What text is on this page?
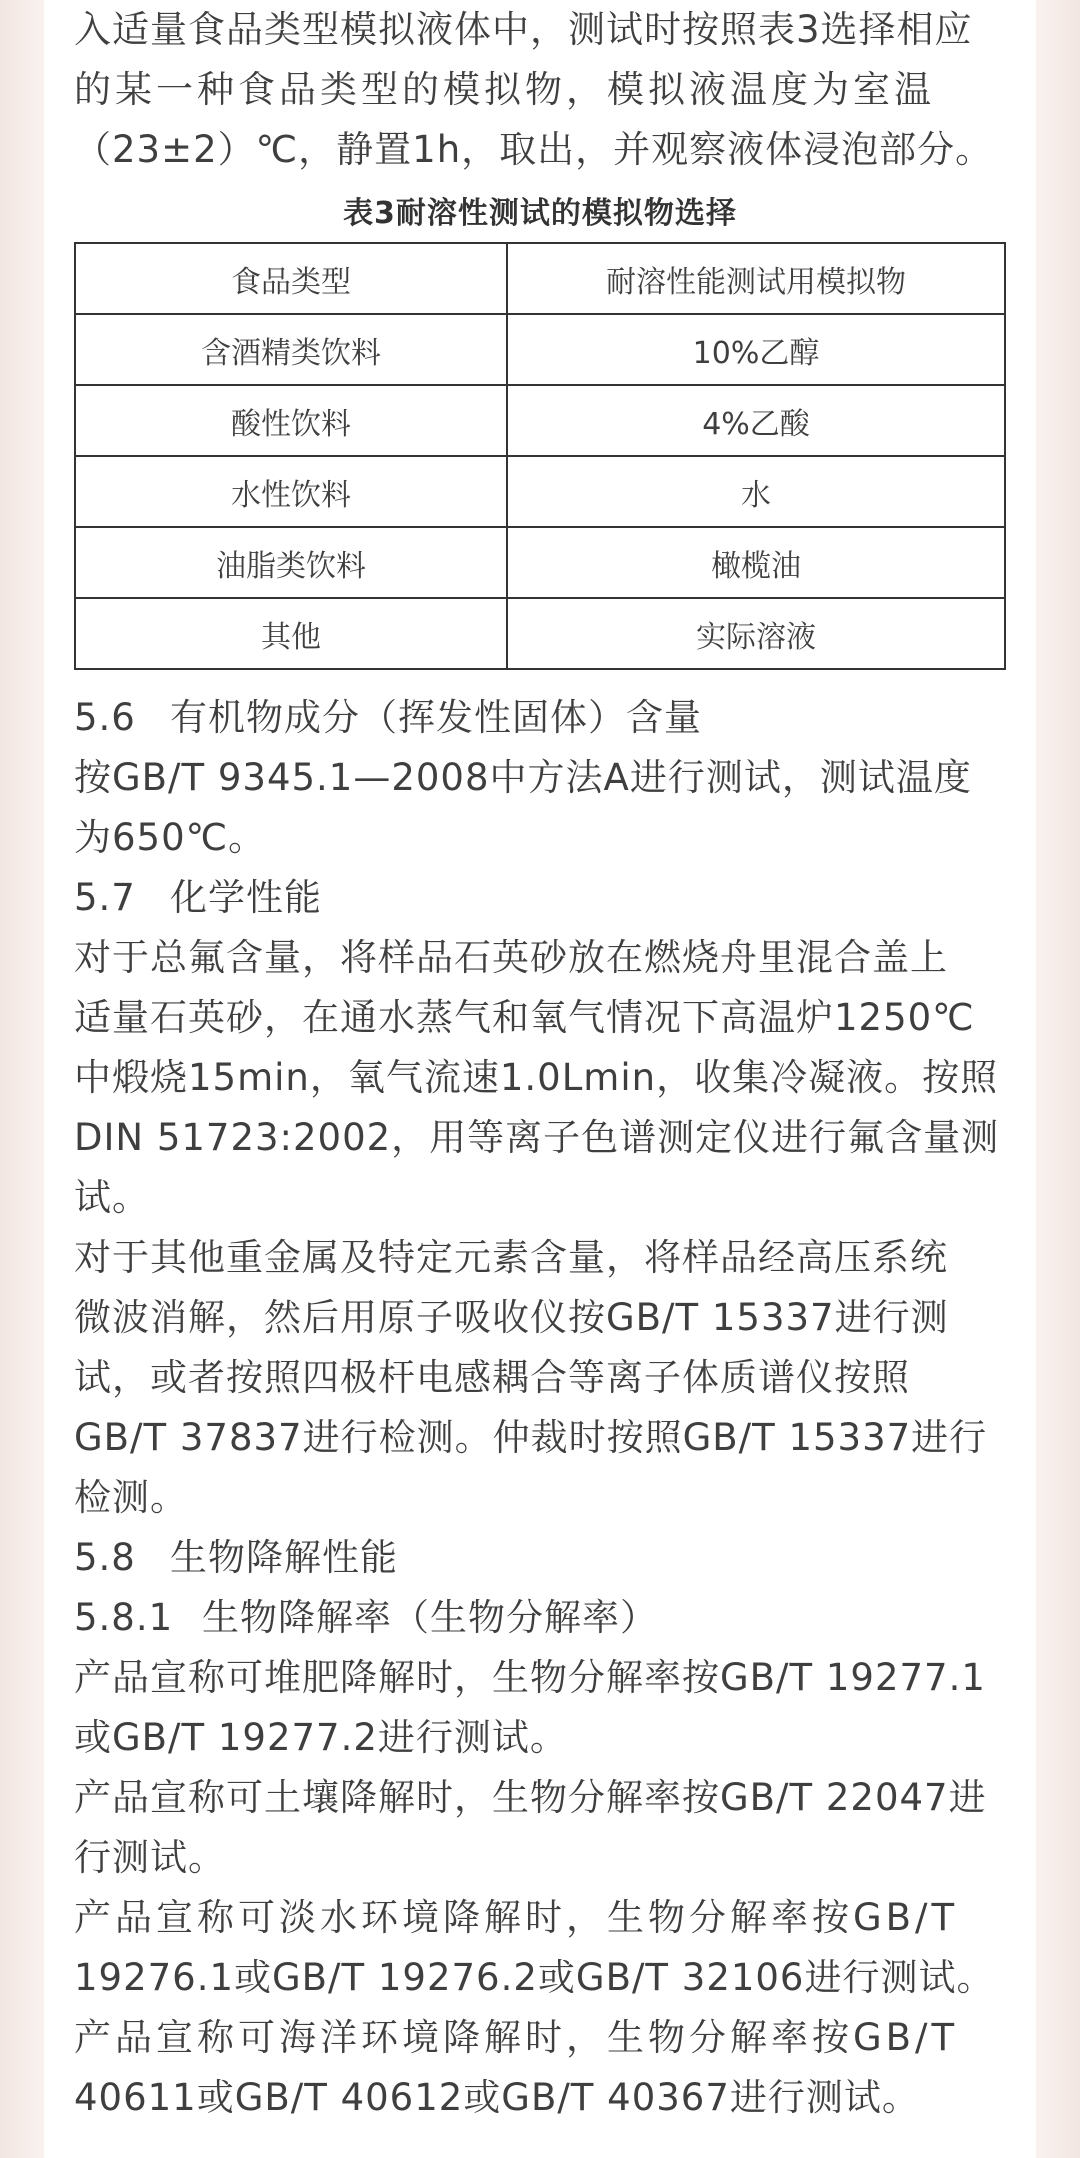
入适量食品类型模拟液体中，测试时按照表3选择相应

的某一种食品类型的模拟物，模拟液温度为室温

（23±2）℃，静置1h，取出，并观察液体浸泡部分。

表3耐溶性测试的模拟物选择
食品类型	耐溶性能测试用模拟物
含酒精类饮料	10%乙醇
酸性饮料	4%乙酸
水性饮料	水
油脂类饮料	橄榄油
其他	实际溶液

5.6 有机物成分（挥发性固体）含量

按GB/T 9345.1—2008中方法A进行测试，测试温度

为650℃。

5.7 化学性能

对于总氟含量，将样品石英砂放在燃烧舟里混合盖上

适量石英砂，在通水蒸气和氧气情况下高温炉1250℃

中煅烧15min，氧气流速1.0Lmin，收集冷凝液。按照

DIN 51723:2002，用等离子色谱测定仪进行氟含量测

试。

对于其他重金属及特定元素含量，将样品经高压系统

微波消解，然后用原子吸收仪按GB/T 15337进行测

试，或者按照四极杆电感耦合等离子体质谱仪按照

GB/T 37837进行检测。仲裁时按照GB/T 15337进行

检测。

5.8 生物降解性能

5.8.1 生物降解率（生物分解率）

产品宣称可堆肥降解时，生物分解率按GB/T 19277.1

或GB/T 19277.2进行测试。

产品宣称可土壤降解时，生物分解率按GB/T 22047进

行测试。

产品宣称可淡水环境降解时，生物分解率按GB/T

19276.1或GB/T 19276.2或GB/T 32106进行测试。

产品宣称可海洋环境降解时，生物分解率按GB/T

40611或GB/T 40612或GB/T 40367进行测试。
